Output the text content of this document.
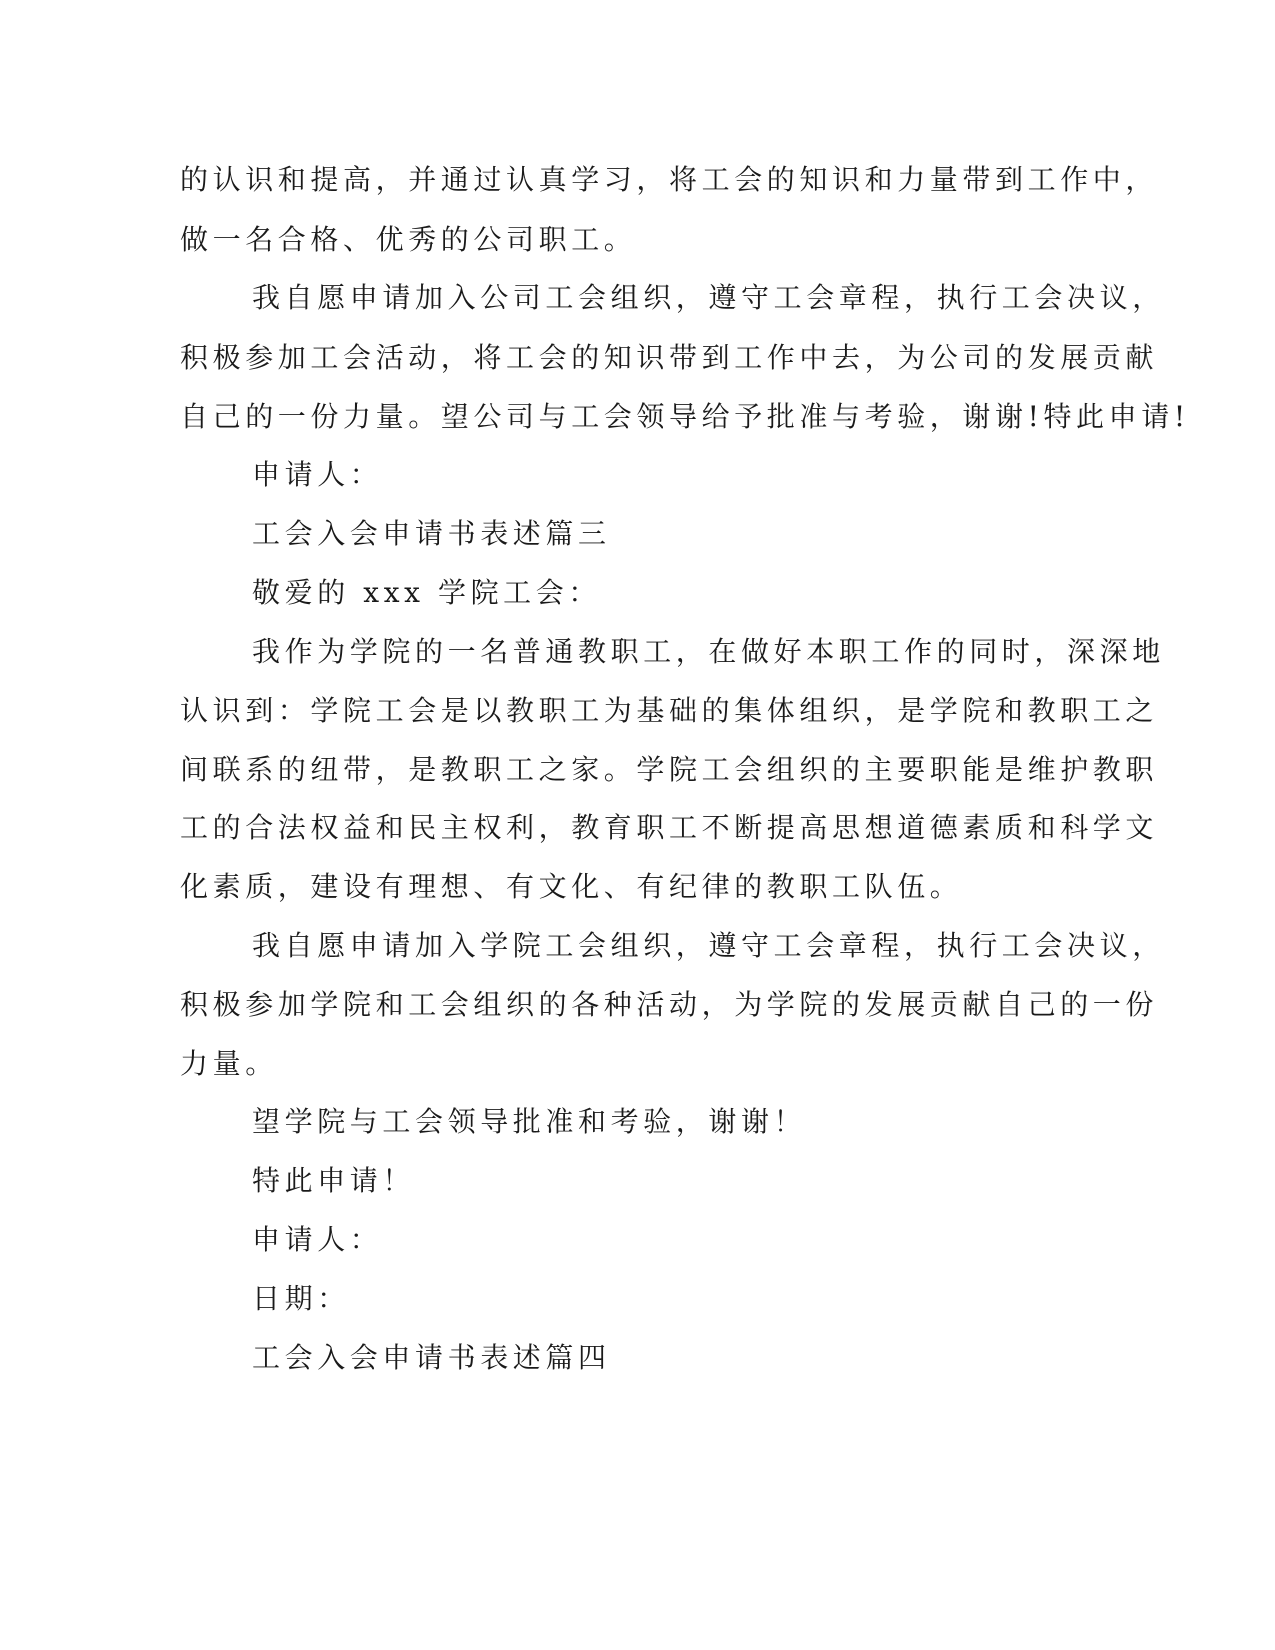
的认识和提高，并通过认真学习，将工会的知识和力量带到工作中，
做一名合格、优秀的公司职工。
我自愿申请加入公司工会组织，遵守工会章程，执行工会决议，
积极参加工会活动，将工会的知识带到工作中去，为公司的发展贡献
自己的一份力量。望公司与工会领导给予批准与考验，谢谢!特此申请!
申请人：
工会入会申请书表述篇三
敬爱的 xxx 学院工会：
我作为学院的一名普通教职工，在做好本职工作的同时，深深地
认识到：学院工会是以教职工为基础的集体组织，是学院和教职工之
间联系的纽带，是教职工之家。学院工会组织的主要职能是维护教职
工的合法权益和民主权利，教育职工不断提高思想道德素质和科学文
化素质，建设有理想、有文化、有纪律的教职工队伍。
我自愿申请加入学院工会组织，遵守工会章程，执行工会决议，
积极参加学院和工会组织的各种活动，为学院的发展贡献自己的一份
力量。
望学院与工会领导批准和考验，谢谢！
特此申请！
申请人：
日期：
工会入会申请书表述篇四
